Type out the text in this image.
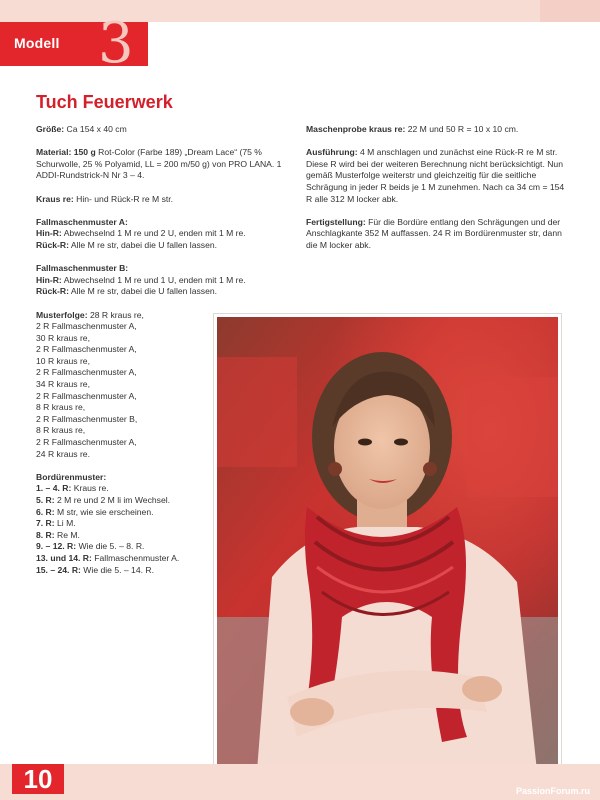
Modell 3
Tuch Feuerwerk

Größe: Ca 154 x 40 cm

Material: 150 g Rot-Color (Farbe 189) „Dream Lace“ (75 % Schurwolle, 25 % Polyamid, LL = 200 m/50 g) von PRO LANA. 1 ADDI-Rundstrick-N Nr 3 – 4.

Kraus re: Hin- und Rück-R re M str.

Fallmaschenmuster A:
Hin-R: Abwechselnd 1 M re und 2 U, enden mit 1 M re.
Rück-R: Alle M re str, dabei die U fallen lassen.
Fallmaschenmuster B:
Hin-R: Abwechselnd 1 M re und 1 U, enden mit 1 M re.
Rück-R: Alle M re str, dabei die U fallen lassen.
Musterfolge: 28 R kraus re,
2 R Fallmaschenmuster A,
30 R kraus re,
2 R Fallmaschenmuster A,
10 R kraus re,
2 R Fallmaschenmuster A,
34 R kraus re,
2 R Fallmaschenmuster A,
8 R kraus re,
2 R Fallmaschenmuster B,
8 R kraus re,
2 R Fallmaschenmuster A,
24 R kraus re.
Bordürenmuster:
1. – 4. R: Kraus re.
5. R: 2 M re und 2 M li im Wechsel.
6. R: M str, wie sie erscheinen.
7. R: Li M.
8. R: Re M.
9. – 12. R: Wie die 5. – 8. R.
13. und 14. R: Fallmaschenmuster A.
15. – 24. R: Wie die 5. – 14. R.

Maschenprobe kraus re: 22 M und 50 R = 10 x 10 cm.

Ausführung: 4 M anschlagen und zunächst eine Rück-R re M str. Diese R wird bei der weiteren Berechnung nicht berücksichtigt. Nun gemäß Musterfolge weiterstr und gleichzeitig für die seitliche Schrägung in jeder R beids je 1 M zunehmen. Nach ca 34 cm = 154 R alle 312 M locker abk.

Fertigstellung: Für die Bordüre entlang den Schrägungen und der Anschlagkante 352 M auffassen. 24 R im Bordürenmuster str, dann die M locker abk.

10	PassionForum.ru
